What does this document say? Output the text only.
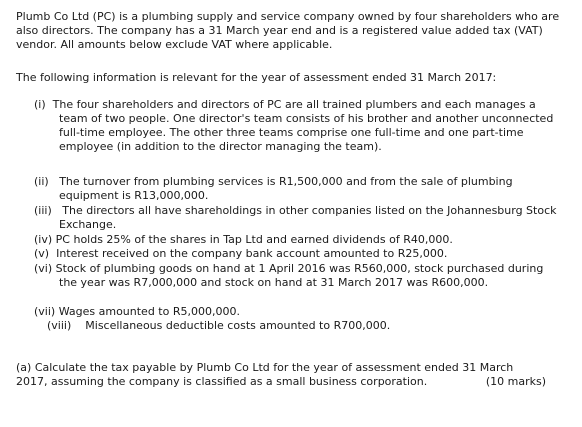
Plumb Co Ltd (PC) is a plumbing supply and service company owned by four shareholders who are also directors. The company has a 31 March year end and is a registered value added tax (VAT) vendor. All amounts below exclude VAT where applicable.

The following information is relevant for the year of assessment ended 31 March 2017:

(i) The four shareholders and directors of PC are all trained plumbers and each manages a team of two people. One director's team consists of his brother and another unconnected full-time employee. The other three teams comprise one full-time and one part-time employee (in addition to the director managing the team).
(ii) The turnover from plumbing services is R1,500,000 and from the sale of plumbing equipment is R13,000,000.
(iii) The directors all have shareholdings in other companies listed on the Johannesburg Stock Exchange.
(iv) PC holds 25% of the shares in Tap Ltd and earned dividends of R40,000.
(v) Interest received on the company bank account amounted to R25,000.
(vi) Stock of plumbing goods on hand at 1 April 2016 was R560,000, stock purchased during the year was R7,000,000 and stock on hand at 31 March 2017 was R600,000.
(vii) Wages amounted to R5,000,000.
(viii) Miscellaneous deductible costs amounted to R700,000.
(a) Calculate the tax payable by Plumb Co Ltd for the year of assessment ended 31 March
2017, assuming the company is classified as a small business corporation.	(10 marks)
